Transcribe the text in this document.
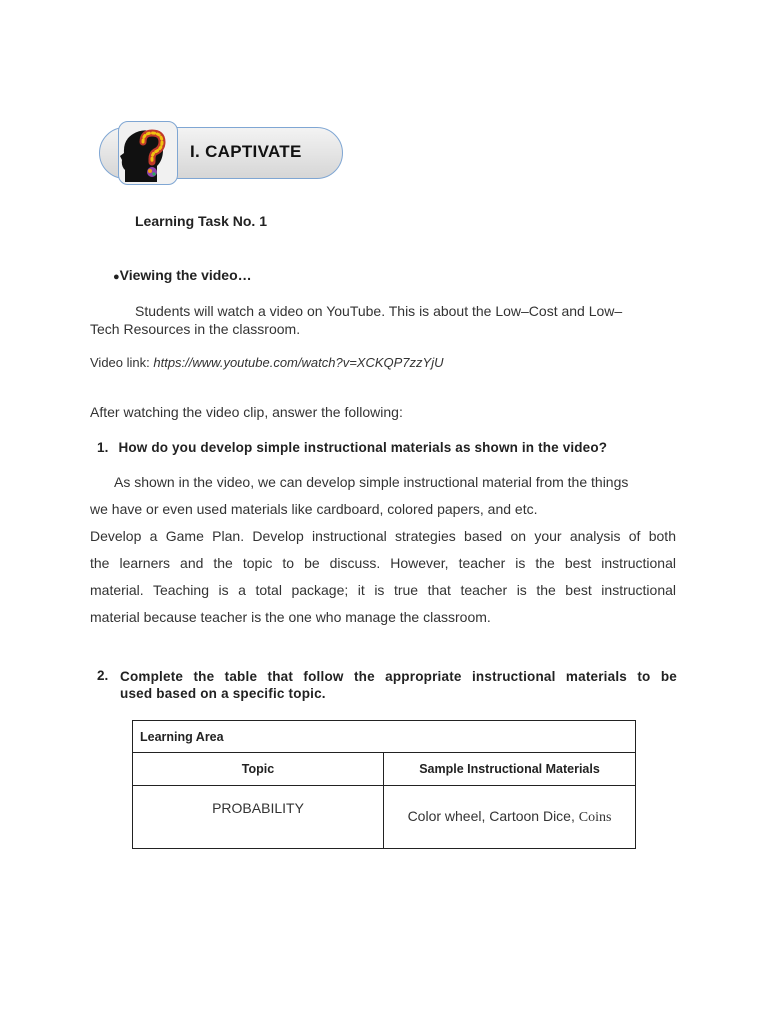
I. CAPTIVATE
Learning Task No. 1
●Viewing the video…
Students will watch a video on YouTube. This is about the Low–Cost and Low–
Tech Resources in the classroom.
Video link: https://www.youtube.com/watch?v=XCKQP7zzYjU
After watching the video clip, answer the following:
1. How do you develop simple instructional materials as shown in the video?
As shown in the video, we can develop simple instructional material from the things
we have or even used materials like cardboard, colored papers, and etc.
Develop a Game Plan. Develop instructional strategies based on your analysis of both
the learners and the topic to be discuss. However, teacher is the best instructional
material. Teaching is a total package; it is true that teacher is the best instructional
material because teacher is the one who manage the classroom.
2. Complete the table that follow the appropriate instructional materials to be
used based on a specific topic.
Learning Area	
Topic	Sample Instructional Materials
PROBABILITY	Color wheel, Cartoon Dice, Coins
